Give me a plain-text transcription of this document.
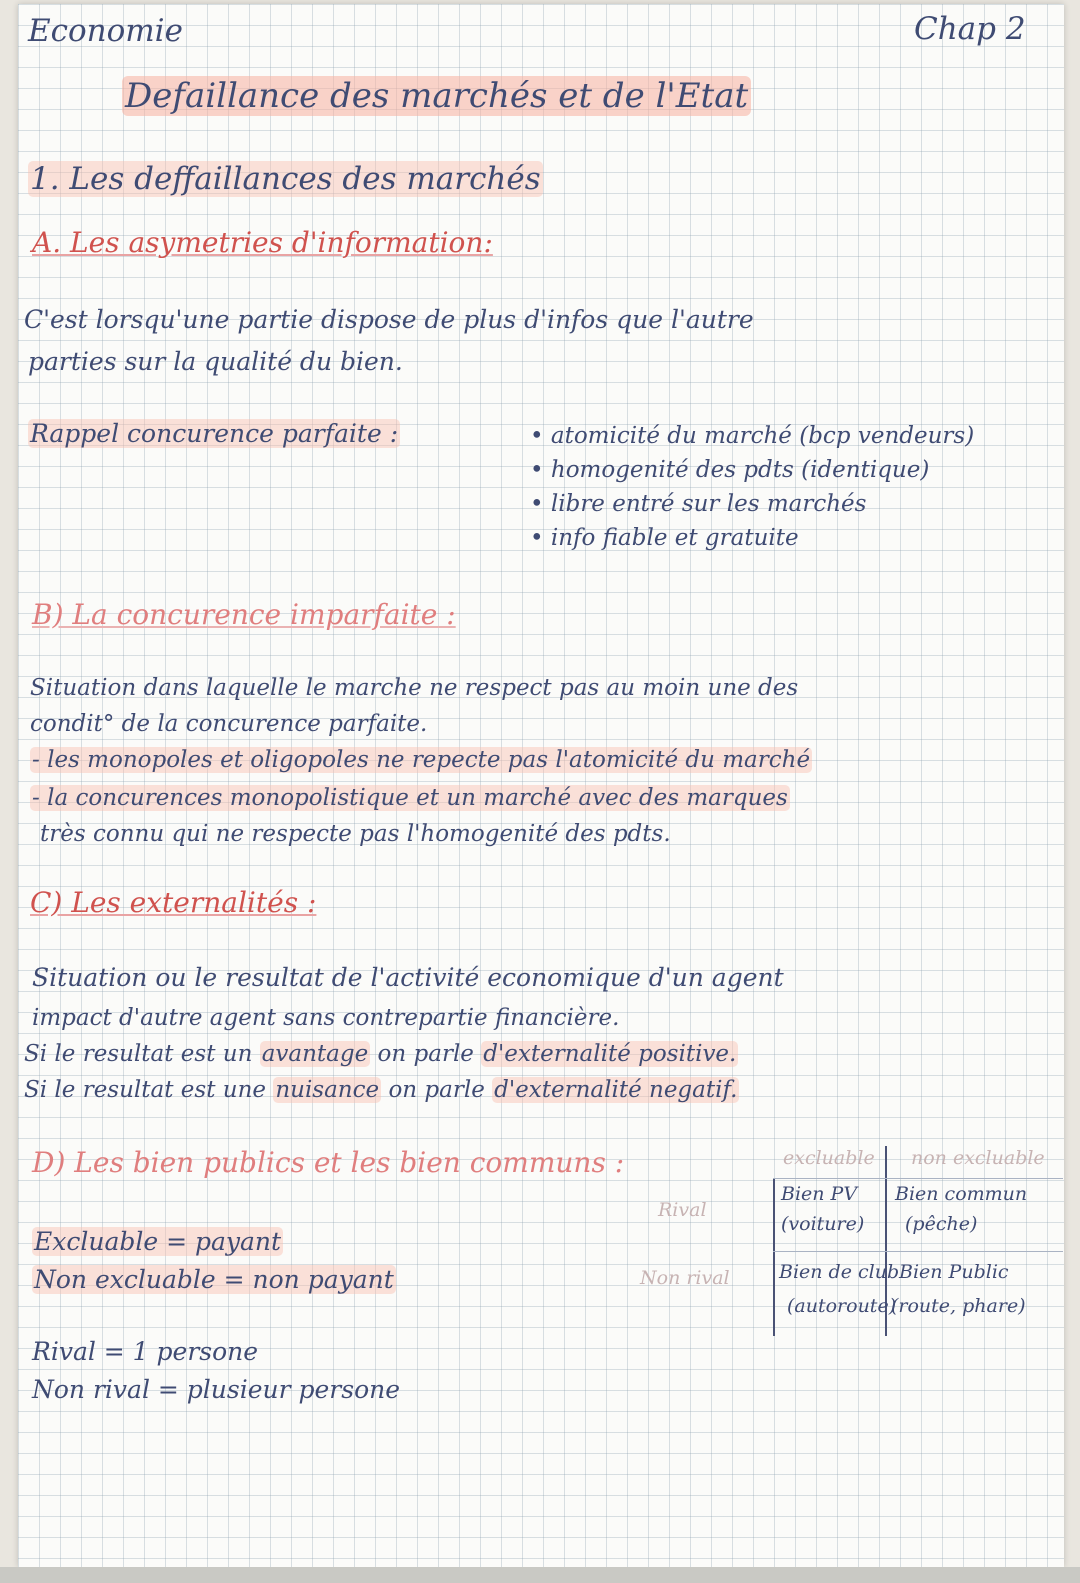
Economie	Chap 2
Defaillance des marchés et de l'Etat
1. Les deffaillances des marchés
A. Les asymetries d'information:
C'est lorsqu'une partie dispose de plus d'infos que l'autre
parties sur la qualité du bien.
Rappel concurence parfaite :	• atomicité du marché (bcp vendeurs)
• homogenité des pdts (identique)
• libre entré sur les marchés
• info fiable et gratuite
B) La concurence imparfaite :
Situation dans laquelle le marche ne respect pas au moin une des
condit° de la concurence parfaite.
- les monopoles et oligopoles ne repecte pas l'atomicité du marché
- la concurences monopolistique et un marché avec des marques
très connu qui ne respecte pas l'homogenité des pdts.
C) Les externalités :
Situation ou le resultat de l'activité economique d'un agent
impact d'autre agent sans contrepartie financière.
Si le resultat est un avantage on parle d'externalité positive.
Si le resultat est une nuisance on parle d'externalité negatif.
D) Les bien publics et les bien communs :
Excluable = payant
Non excluable = non payant
Rival = 1 persone
Non rival = plusieur persone
Rival
Non rival
excluable non excluable
Bien PV
(voiture)
Bien commun
(pêche)
Bien de club
(autoroute)
Bien Public
(route, phare)
